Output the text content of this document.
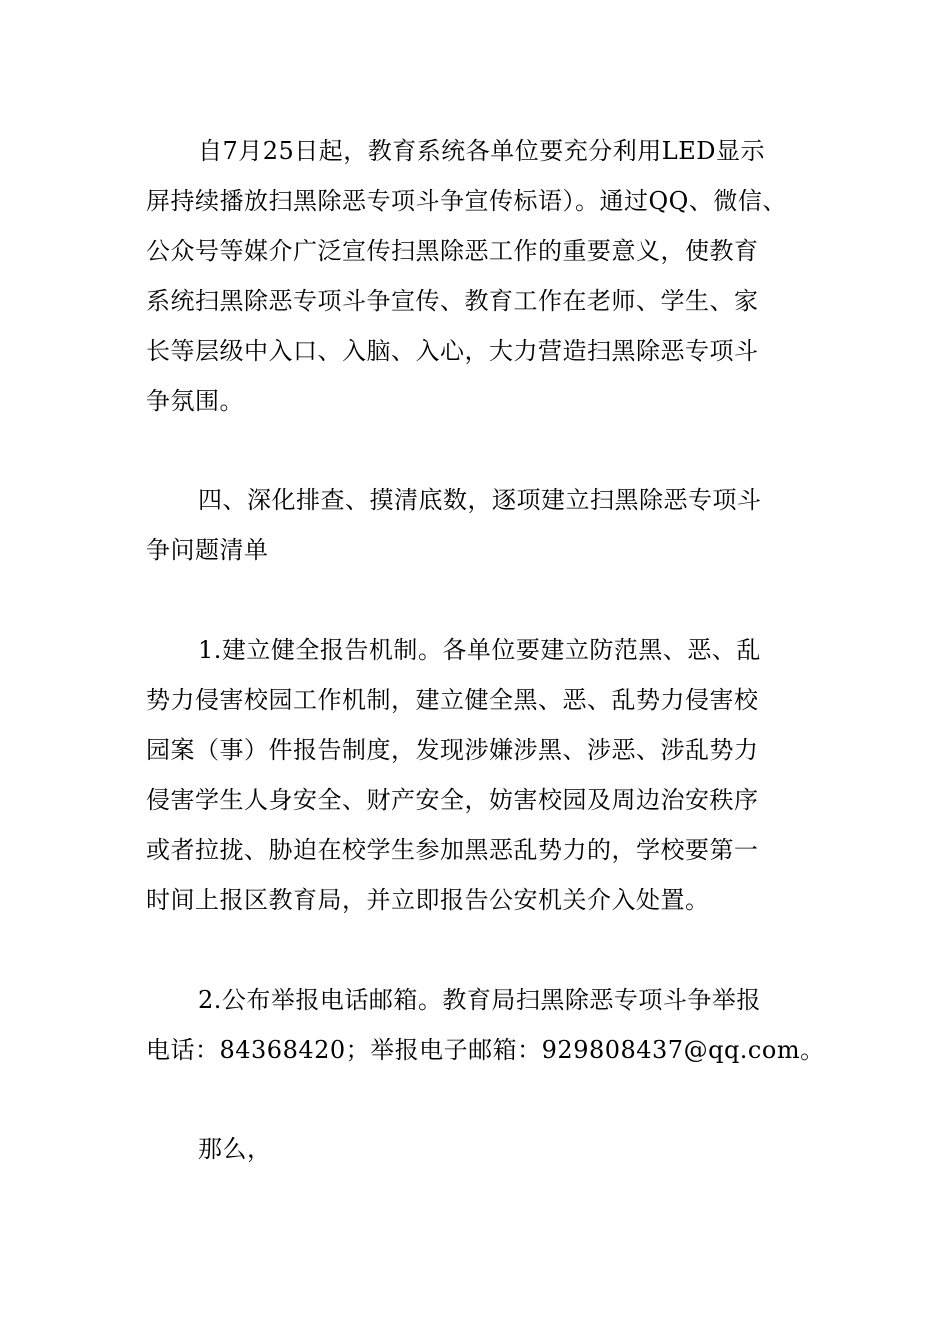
自7月25日起，教育系统各单位要充分利用LED显示
屏持续播放扫黑除恶专项斗争宣传标语）。通过QQ、微信、
公众号等媒介广泛宣传扫黑除恶工作的重要意义，使教育
系统扫黑除恶专项斗争宣传、教育工作在老师、学生、家
长等层级中入口、入脑、入心，大力营造扫黑除恶专项斗
争氛围。

四、深化排查、摸清底数，逐项建立扫黑除恶专项斗
争问题清单

1.建立健全报告机制。各单位要建立防范黑、恶、乱
势力侵害校园工作机制，建立健全黑、恶、乱势力侵害校
园案（事）件报告制度，发现涉嫌涉黑、涉恶、涉乱势力
侵害学生人身安全、财产安全，妨害校园及周边治安秩序
或者拉拢、胁迫在校学生参加黑恶乱势力的，学校要第一
时间上报区教育局，并立即报告公安机关介入处置。

2.公布举报电话邮箱。教育局扫黑除恶专项斗争举报
电话：84368420；举报电子邮箱：929808437@qq.com。

那么，
